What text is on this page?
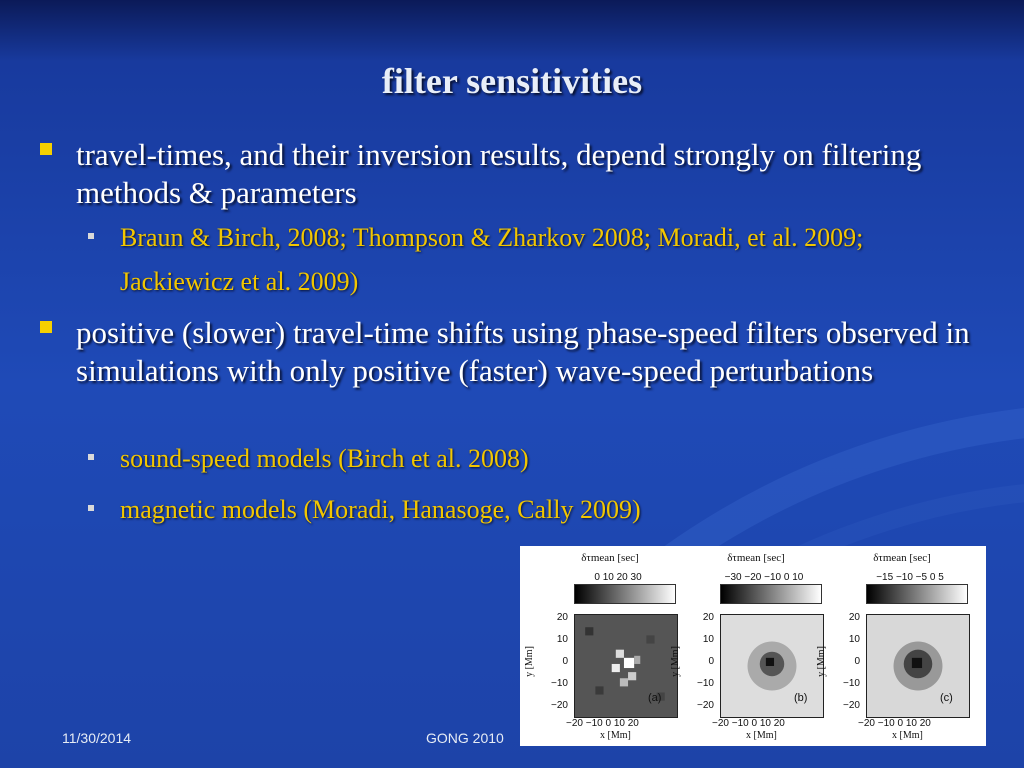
filter sensitivities
travel-times, and their inversion results, depend strongly on filtering methods & parameters
Braun & Birch, 2008; Thompson & Zharkov 2008; Moradi, et al. 2009; Jackiewicz et al. 2009)
positive (slower) travel-time shifts using phase-speed filters observed in simulations with only positive (faster) wave-speed perturbations
sound-speed models (Birch et al. 2008)
magnetic models (Moradi, Hanasoge, Cally 2009)
δτmean [sec]
0 10 20 30
y [Mm]
20
10
0
−10
−20
−20 −10 0 10 20
x [Mm]
(a)
δτmean [sec]
−30 −20 −10 0 10
y [Mm]
20
10
0
−10
−20
−20 −10 0 10 20
x [Mm]
(b)
δτmean [sec]
−15 −10 −5 0 5
y [Mm]
20
10
0
−10
−20
−20 −10 0 10 20
x [Mm]
(c)
11/30/2014	GONG 2010
